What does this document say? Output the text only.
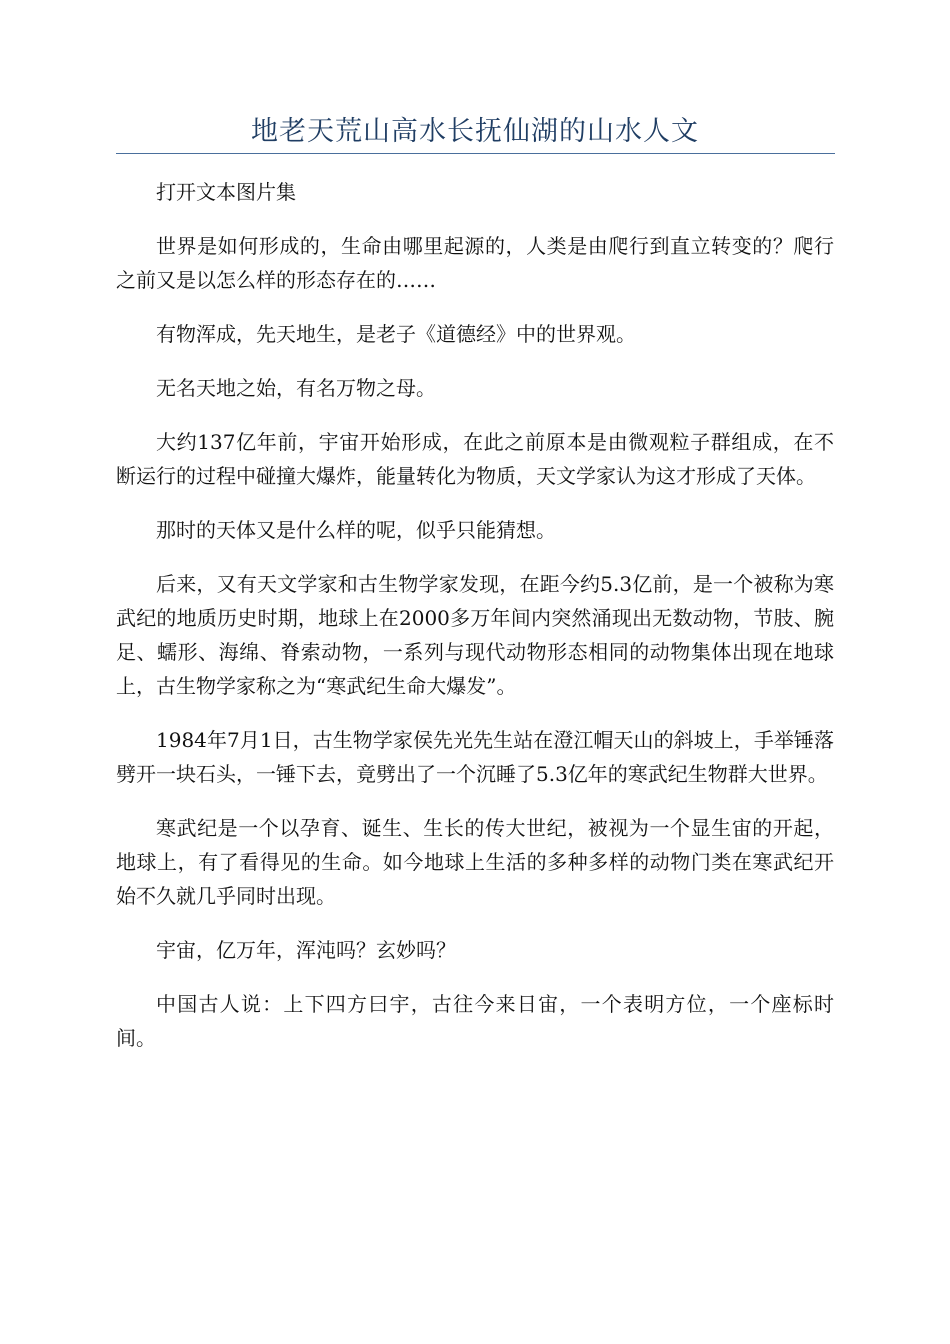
地老天荒山高水长抚仙湖的山水人文

打开文本图片集

世界是如何形成的，生命由哪里起源的，人类是由爬行到直立转变的？爬行之前又是以怎么样的形态存在的……

有物浑成，先天地生，是老子《道德经》中的世界观。

无名天地之始，有名万物之母。

大约137亿年前，宇宙开始形成，在此之前原本是由微观粒子群组成，在不断运行的过程中碰撞大爆炸，能量转化为物质，天文学家认为这才形成了天体。

那时的天体又是什么样的呢，似乎只能猜想。

后来，又有天文学家和古生物学家发现，在距今约5.3亿前，是一个被称为寒武纪的地质历史时期，地球上在2000多万年间内突然涌现出无数动物，节肢、腕足、蠕形、海绵、脊索动物，一系列与现代动物形态相同的动物集体出现在地球上，古生物学家称之为“寒武纪生命大爆发”。

1984年7月1日，古生物学家侯先光先生站在澄江帽天山的斜坡上，手举锤落劈开一块石头，一锤下去，竟劈出了一个沉睡了5.3亿年的寒武纪生物群大世界。

寒武纪是一个以孕育、诞生、生长的传大世纪，被视为一个显生宙的开起，地球上，有了看得见的生命。如今地球上生活的多种多样的动物门类在寒武纪开始不久就几乎同时出现。

宇宙，亿万年，浑沌吗？玄妙吗？

中国古人说：上下四方曰宇，古往今来日宙，一个表明方位，一个座标时间。
